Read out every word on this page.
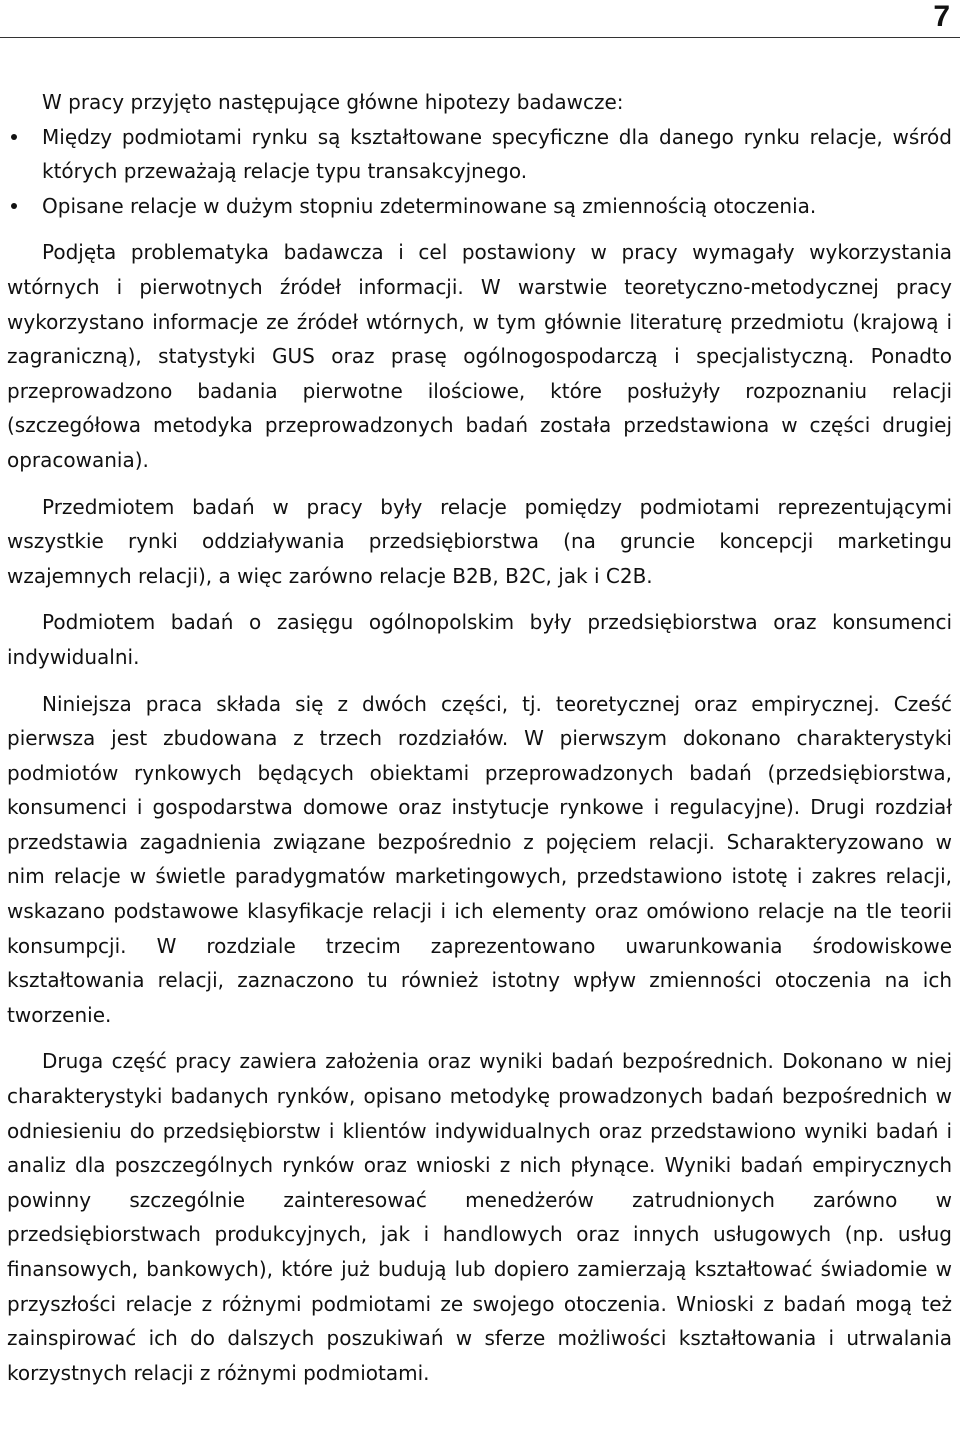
7

W pracy przyjęto następujące główne hipotezy badawcze:

Między podmiotami rynku są kształtowane specyficzne dla danego rynku relacje, wśród których przeważają relacje typu transakcyjnego.
Opisane relacje w dużym stopniu zdeterminowane są zmiennością otoczenia.

Podjęta problematyka badawcza i cel postawiony w pracy wymagały wykorzystania wtórnych i pierwotnych źródeł informacji. W warstwie teoretyczno-metodycznej pracy wykorzystano informacje ze źródeł wtórnych, w tym głównie literaturę przedmiotu (krajową i zagraniczną), statystyki GUS oraz prasę ogólnogospodarczą i specjalistyczną. Ponadto przeprowadzono badania pierwotne ilościowe, które posłużyły rozpoznaniu relacji (szczegółowa metodyka przeprowadzonych badań została przedstawiona w części drugiej opracowania).

Przedmiotem badań w pracy były relacje pomiędzy podmiotami reprezentującymi wszystkie rynki oddziaływania przedsiębiorstwa (na gruncie koncepcji marketingu wzajemnych relacji), a więc zarówno relacje B2B, B2C, jak i C2B.

Podmiotem badań o zasięgu ogólnopolskim były przedsiębiorstwa oraz konsumenci indywidualni.

Niniejsza praca składa się z dwóch części, tj. teoretycznej oraz empirycznej. Cześć pierwsza jest zbudowana z trzech rozdziałów. W pierwszym dokonano charakterystyki podmiotów rynkowych będących obiektami przeprowadzonych badań (przedsiębiorstwa, konsumenci i gospodarstwa domowe oraz instytucje rynkowe i regulacyjne). Drugi rozdział przedstawia zagadnienia związane bezpośrednio z pojęciem relacji. Scharakteryzowano w nim relacje w świetle paradygmatów marketingowych, przedstawiono istotę i zakres relacji, wskazano podstawowe klasyfikacje relacji i ich elementy oraz omówiono relacje na tle teorii konsumpcji. W rozdziale trzecim zaprezentowano uwarunkowania środowiskowe kształtowania relacji, zaznaczono tu również istotny wpływ zmienności otoczenia na ich tworzenie.

Druga część pracy zawiera założenia oraz wyniki badań bezpośrednich. Dokonano w niej charakterystyki badanych rynków, opisano metodykę prowadzonych badań bezpośrednich w odniesieniu do przedsiębiorstw i klientów indywidualnych oraz przedstawiono wyniki badań i analiz dla poszczególnych rynków oraz wnioski z nich płynące. Wyniki badań empirycznych powinny szczególnie zainteresować menedżerów zatrudnionych zarówno w przedsiębiorstwach produkcyjnych, jak i handlowych oraz innych usługowych (np. usług finansowych, bankowych), które już budują lub dopiero zamierzają kształtować świadomie w przyszłości relacje z różnymi podmiotami ze swojego otoczenia. Wnioski z badań mogą też zainspirować ich do dalszych poszukiwań w sferze możliwości kształtowania i utrwalania korzystnych relacji z różnymi podmiotami.
